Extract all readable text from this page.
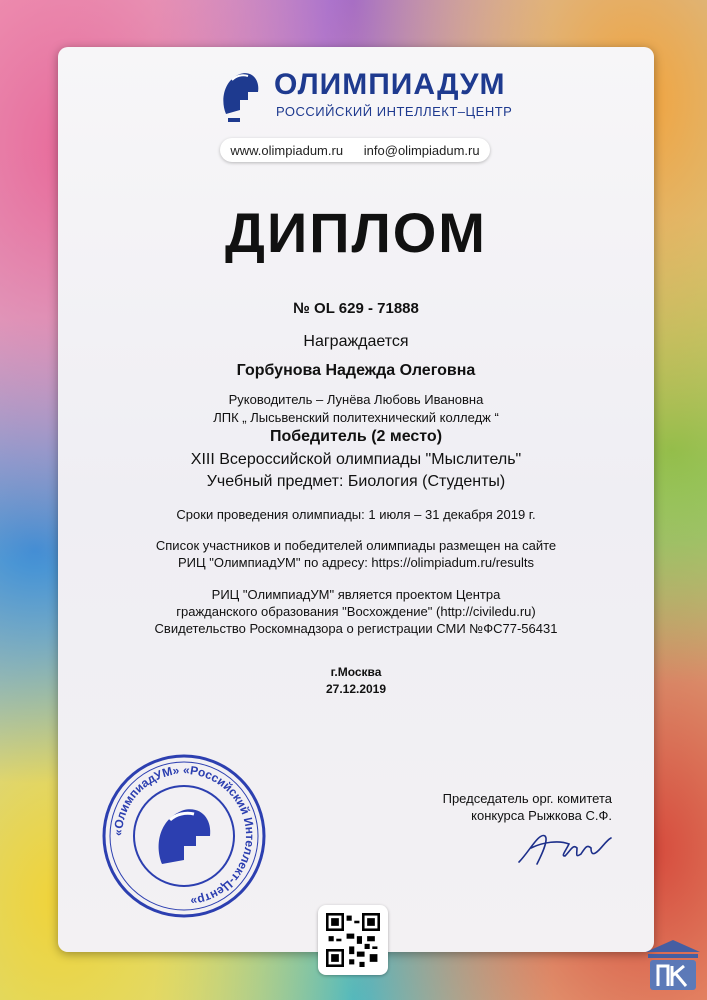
ОЛИМПИАДУМ
РОССИЙСКИЙ ИНТЕЛЛЕКТ–ЦЕНТР
www.olimpiadum.ru info@olimpiadum.ru
ДИПЛОМ
№ OL 629 - 71888
Награждается
Горбунова Надежда Олеговна
Руководитель – Лунёва Любовь Ивановна
ЛПК „ Лысьвенский политехнический колледж “
Победитель (2 место)
XIII Всероссийской олимпиады "Мыслитель"
Учебный предмет: Биология (Студенты)
Сроки проведения олимпиады: 1 июля – 31 декабря 2019 г.
Список участников и победителей олимпиады размещен на сайте
РИЦ "ОлимпиадУМ" по адресу: https://olimpiadum.ru/results
РИЦ "ОлимпиадУМ" является проектом Центра
гражданского образования "Восхождение" (http://civiledu.ru)
Свидетельство Роскомнадзора о регистрации СМИ №ФС77-56431
г.Москва
27.12.2019
«ОлимпиадУМ» «Российский Интеллект-Центр»
Председатель орг. комитета
конкурса Рыжкова С.Ф.
